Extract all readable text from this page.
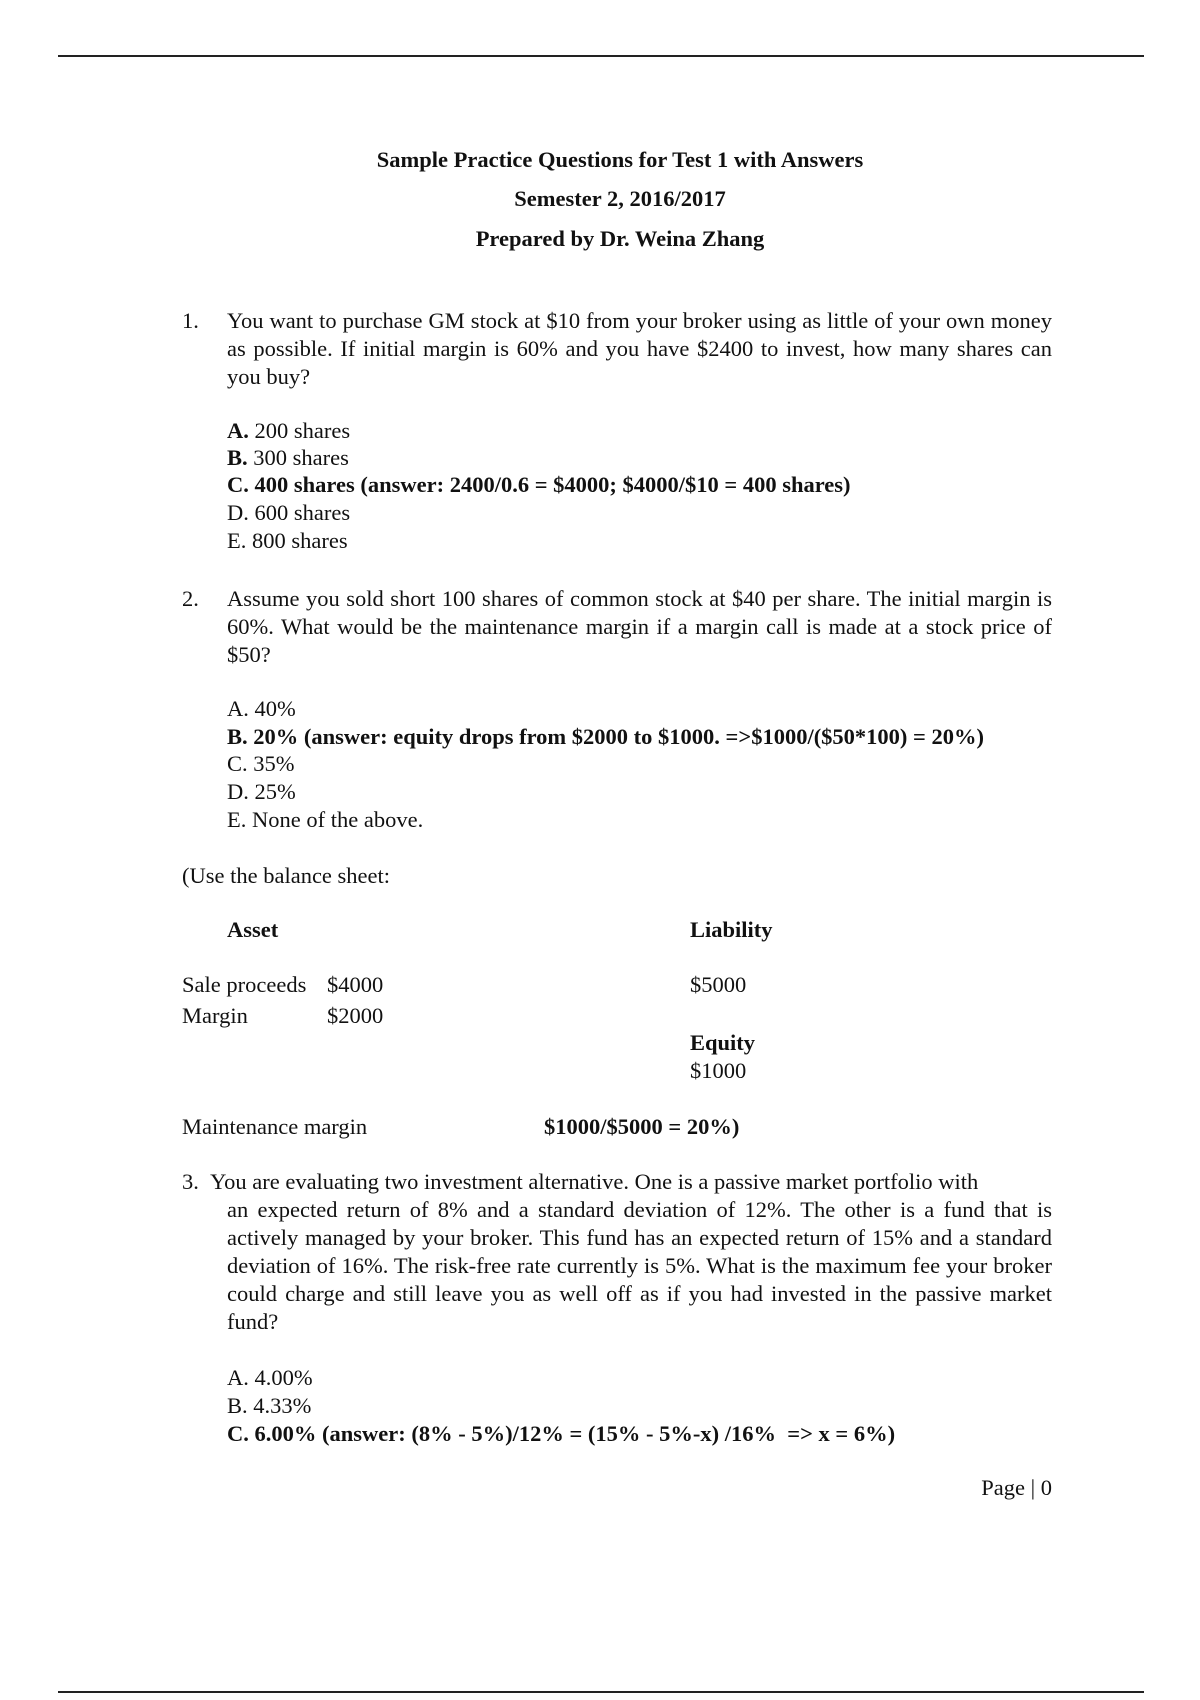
Sample Practice Questions for Test 1 with Answers
Semester 2, 2016/2017
Prepared by Dr. Weina Zhang
1. You want to purchase GM stock at $10 from your broker using as little of your own money as possible. If initial margin is 60% and you have $2400 to invest, how many shares can you buy?
A. 200 shares
B. 300 shares
C. 400 shares (answer: 2400/0.6 = $4000; $4000/$10 = 400 shares)
D. 600 shares
E. 800 shares
2. Assume you sold short 100 shares of common stock at $40 per share. The initial margin is 60%. What would be the maintenance margin if a margin call is made at a stock price of $50?
A. 40%
B. 20% (answer: equity drops from $2000 to $1000. =>$1000/($50*100) = 20%)
C. 35%
D. 25%
E. None of the above.
(Use the balance sheet:
Asset	Liability
Sale proceeds $4000	$5000
Margin	$2000
Equity
$1000
Maintenance margin	$1000/$5000 = 20%)
3. You are evaluating two investment alternative. One is a passive market portfolio with
an expected return of 8% and a standard deviation of 12%. The other is a fund that is actively managed by your broker. This fund has an expected return of 15% and a standard deviation of 16%. The risk-free rate currently is 5%. What is the maximum fee your broker could charge and still leave you as well off as if you had invested in the passive market fund?
A. 4.00%
B. 4.33%
C. 6.00% (answer: (8% - 5%)/12% = (15% - 5%-x) /16%  => x = 6%)
Page | 0
